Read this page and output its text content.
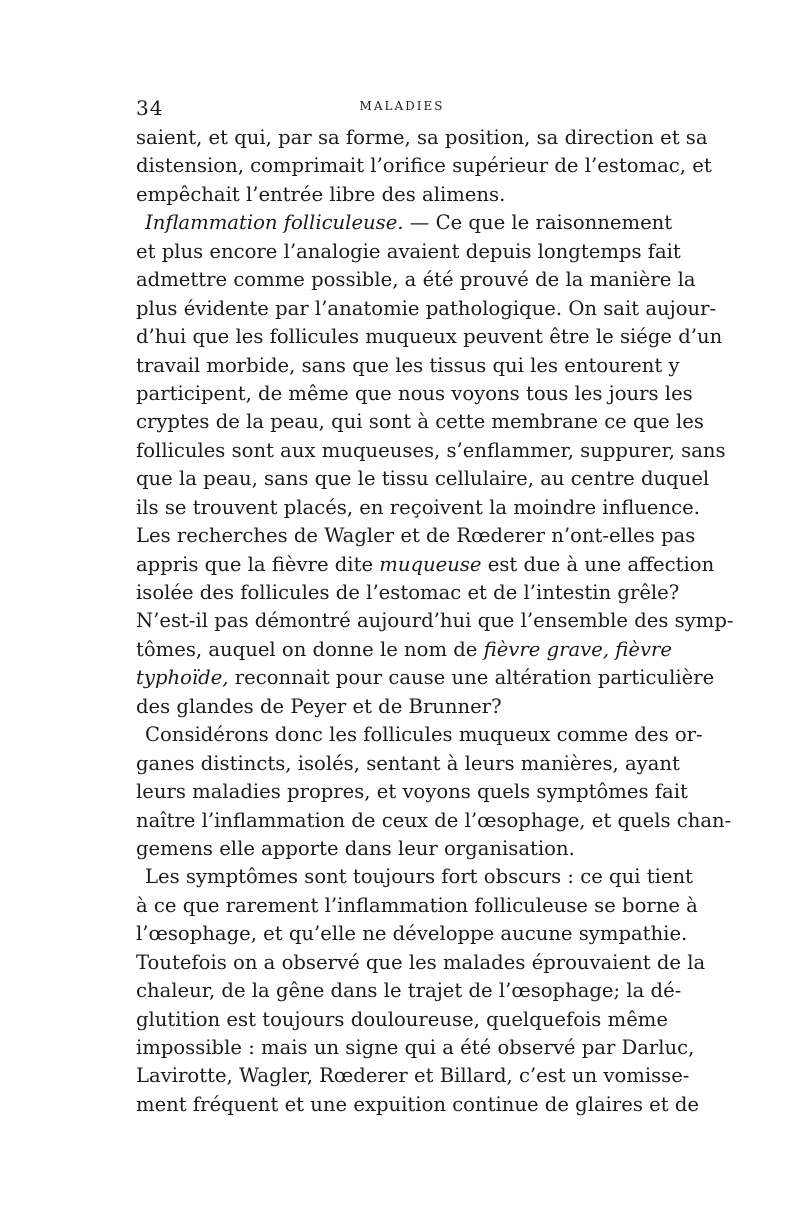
34	MALADIES
saient, et qui, par sa forme, sa position, sa direction et sa
distension, comprimait l’orifice supérieur de l’estomac, et
empêchait l’entrée libre des alimens.
Inflammation folliculeuse. — Ce que le raisonnement
et plus encore l’analogie avaient depuis longtemps fait
admettre comme possible, a été prouvé de la manière la
plus évidente par l’anatomie pathologique. On sait aujour-
d’hui que les follicules muqueux peuvent être le siége d’un
travail morbide, sans que les tissus qui les entourent y
participent, de même que nous voyons tous les jours les
cryptes de la peau, qui sont à cette membrane ce que les
follicules sont aux muqueuses, s’enflammer, suppurer, sans
que la peau, sans que le tissu cellulaire, au centre duquel
ils se trouvent placés, en reçoivent la moindre influence.
Les recherches de Wagler et de Rœderer n’ont-elles pas
appris que la fièvre dite muqueuse est due à une affection
isolée des follicules de l’estomac et de l’intestin grêle?
N’est-il pas démontré aujourd’hui que l’ensemble des symp-
tômes, auquel on donne le nom de fièvre grave, fièvre
typhoïde, reconnait pour cause une altération particulière
des glandes de Peyer et de Brunner?
Considérons donc les follicules muqueux comme des or-
ganes distincts, isolés, sentant à leurs manières, ayant
leurs maladies propres, et voyons quels symptômes fait
naître l’inflammation de ceux de l’œsophage, et quels chan-
gemens elle apporte dans leur organisation.
Les symptômes sont toujours fort obscurs : ce qui tient
à ce que rarement l’inflammation folliculeuse se borne à
l’œsophage, et qu’elle ne développe aucune sympathie.
Toutefois on a observé que les malades éprouvaient de la
chaleur, de la gêne dans le trajet de l’œsophage; la dé-
glutition est toujours douloureuse, quelquefois même
impossible : mais un signe qui a été observé par Darluc,
Lavirotte, Wagler, Rœderer et Billard, c’est un vomisse-
ment fréquent et une expuition continue de glaires et de
